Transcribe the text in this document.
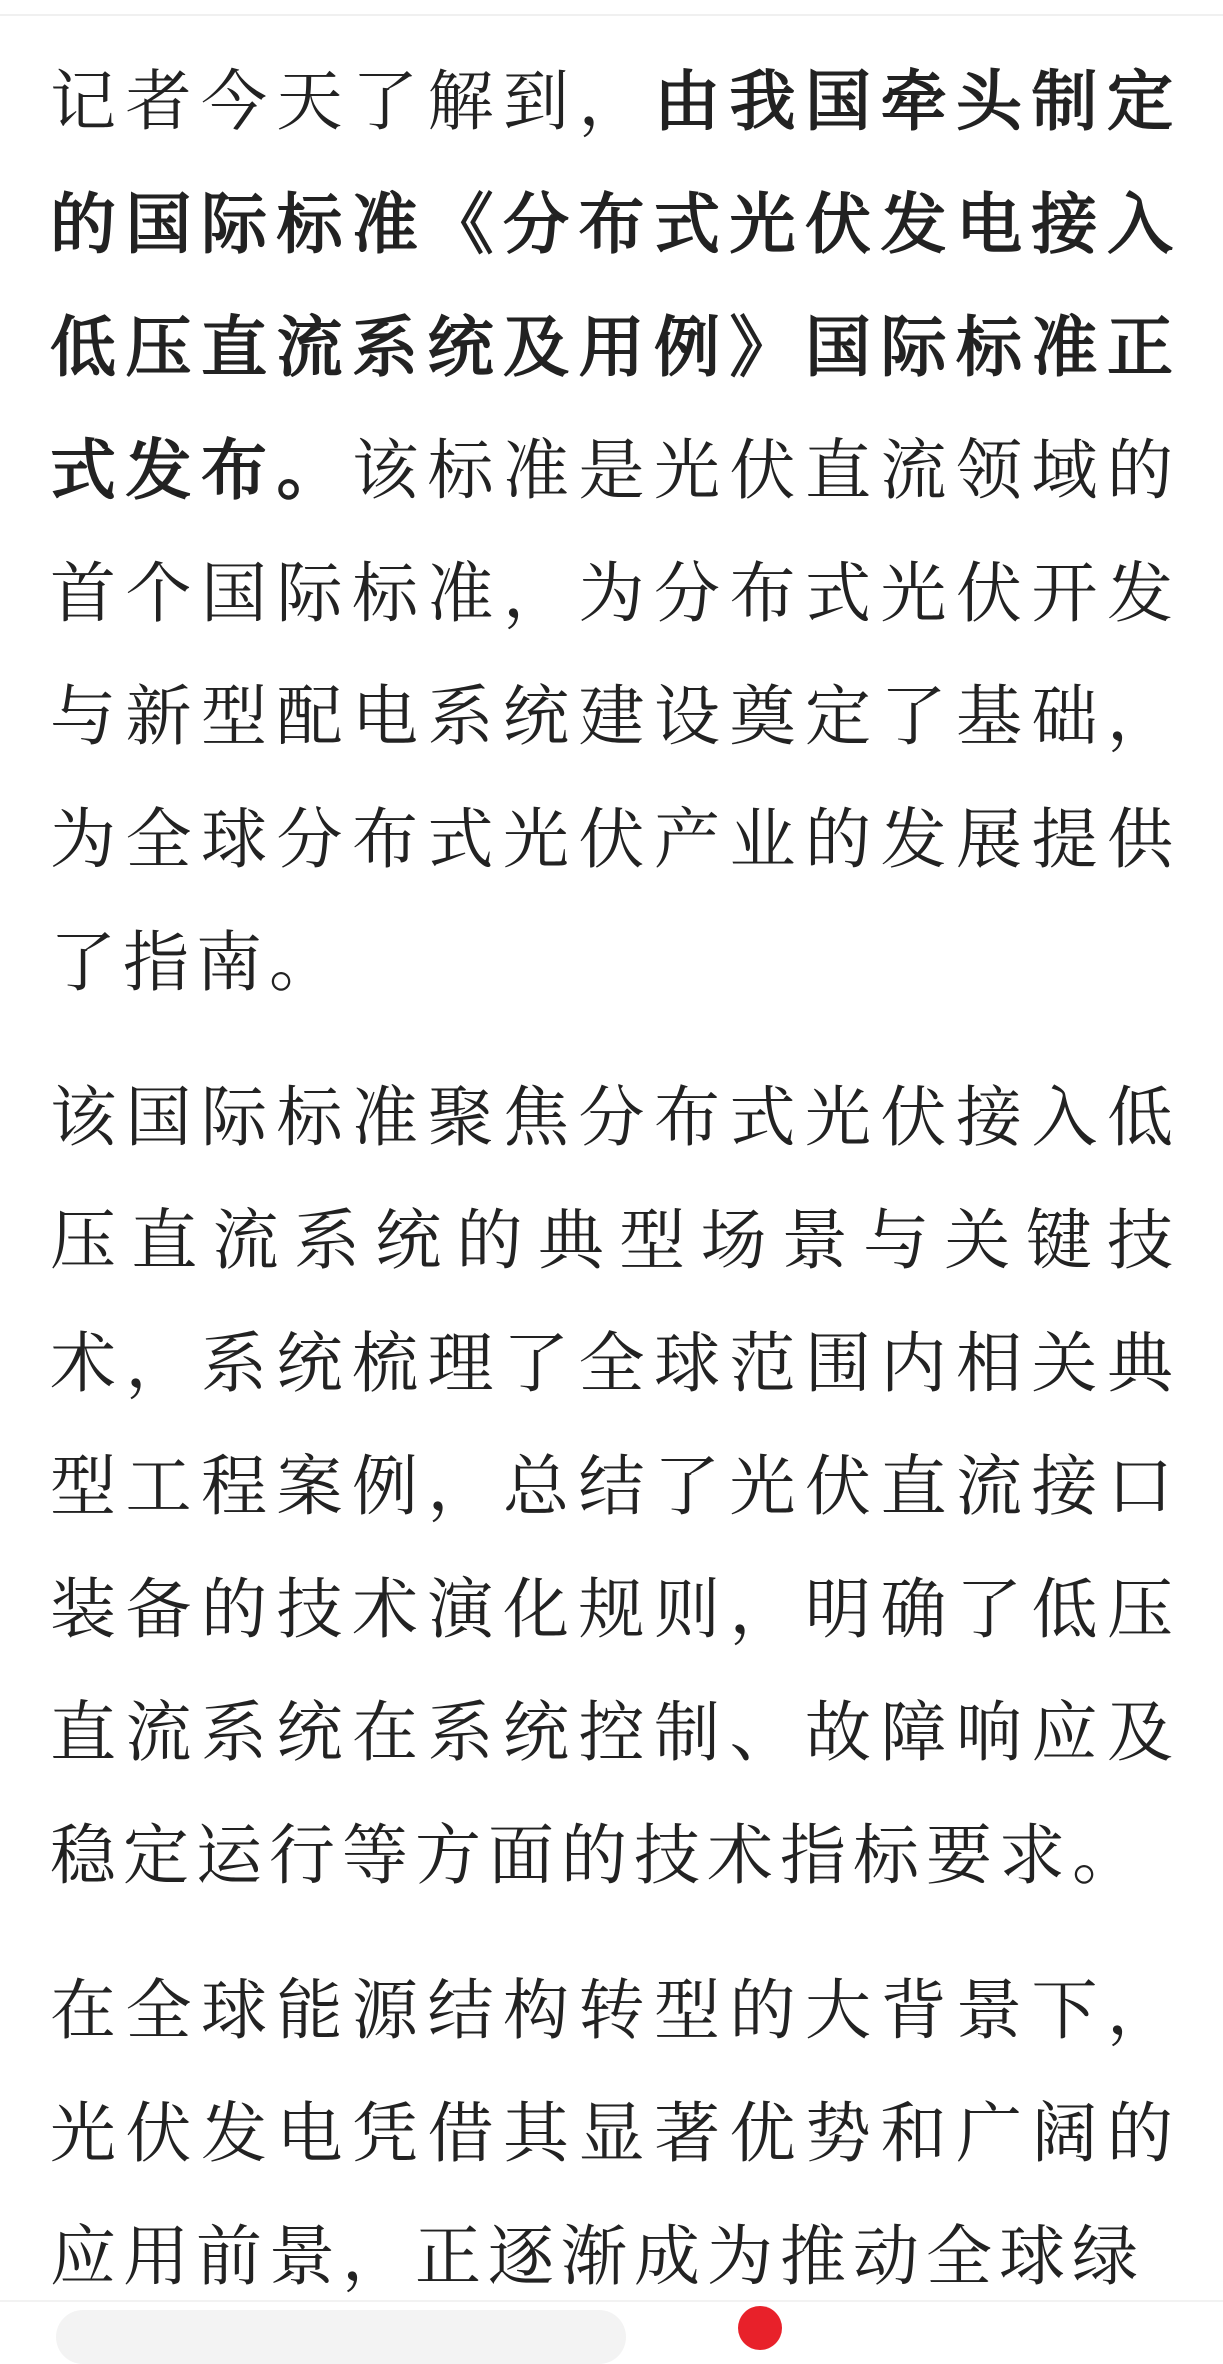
记者今天了解到，由我国牵头制定的国际标准《分布式光伏发电接入低压直流系统及用例》国际标准正式发布。该标准是光伏直流领域的首个国际标准，为分布式光伏开发与新型配电系统建设奠定了基础，为全球分布式光伏产业的发展提供了指南。

该国际标准聚焦分布式光伏接入低压直流系统的典型场景与关键技术，系统梳理了全球范围内相关典型工程案例，总结了光伏直流接口装备的技术演化规则，明确了低压直流系统在系统控制、故障响应及稳定运行等方面的技术指标要求。

在全球能源结构转型的大背景下，光伏发电凭借其显著优势和广阔的应用前景，正逐渐成为推动全球绿
